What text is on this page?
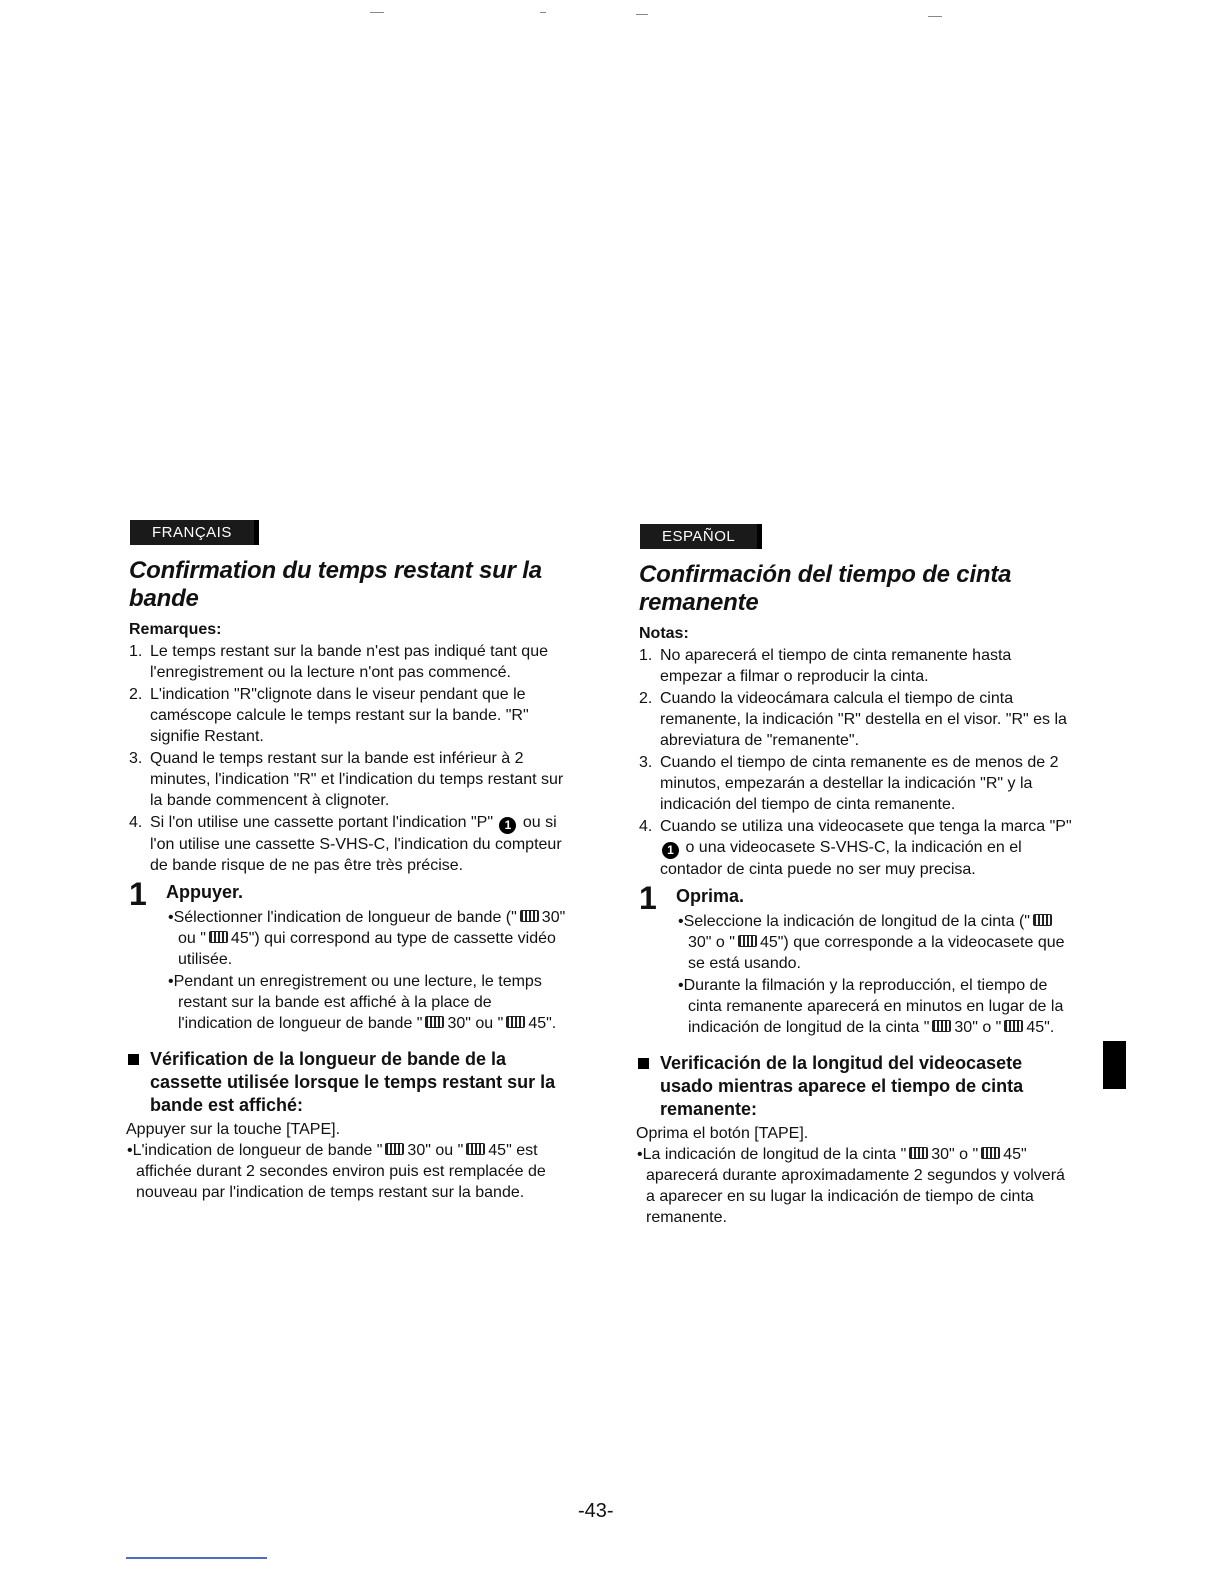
FRANÇAIS
Confirmation du temps restant sur la bande
Remarques:
1. Le temps restant sur la bande n'est pas indiqué tant que l'enregistrement ou la lecture n'ont pas commencé.
2. L'indication "R"clignote dans le viseur pendant que le caméscope calcule le temps restant sur la bande. "R" signifie Restant.
3. Quand le temps restant sur la bande est inférieur à 2 minutes, l'indication "R" et l'indication du temps restant sur la bande commencent à clignoter.
4. Si l'on utilise une cassette portant l'indication "P" 1 ou si l'on utilise une cassette S-VHS-C, l'indication du compteur de bande risque de ne pas être très précise.
1 Appuyer.
•Sélectionner l'indication de longueur de bande (" 30" ou " 45") qui correspond au type de cassette vidéo utilisée.
•Pendant un enregistrement ou une lecture, le temps restant sur la bande est affiché à la place de l'indication de longueur de bande " 30" ou " 45".
Vérification de la longueur de bande de la cassette utilisée lorsque le temps restant sur la bande est affiché:
Appuyer sur la touche [TAPE].
•L'indication de longueur de bande " 30" ou " 45" est affichée durant 2 secondes environ puis est remplacée de nouveau par l'indication de temps restant sur la bande.
ESPAÑOL
Confirmación del tiempo de cinta remanente
Notas:
1. No aparecerá el tiempo de cinta remanente hasta empezar a filmar o reproducir la cinta.
2. Cuando la videocámara calcula el tiempo de cinta remanente, la indicación "R" destella en el visor. "R" es la abreviatura de "remanente".
3. Cuando el tiempo de cinta remanente es de menos de 2 minutos, empezarán a destellar la indicación "R" y la indicación del tiempo de cinta remanente.
4. Cuando se utiliza una videocasete que tenga la marca "P" 1 o una videocasete S-VHS-C, la indicación en el contador de cinta puede no ser muy precisa.
1 Oprima.
•Seleccione la indicación de longitud de la cinta ("30" o " 45") que corresponde a la videocasete que se está usando.
•Durante la filmación y la reproducción, el tiempo de cinta remanente aparecerá en minutos en lugar de la indicación de longitud de la cinta " 30" o " 45".
Verificación de la longitud del videocasete usado mientras aparece el tiempo de cinta remanente:
Oprima el botón [TAPE].
•La indicación de longitud de la cinta " 30" o " 45" aparecerá durante aproximadamente 2 segundos y volverá a aparecer en su lugar la indicación de tiempo de cinta remanente.
-43-
